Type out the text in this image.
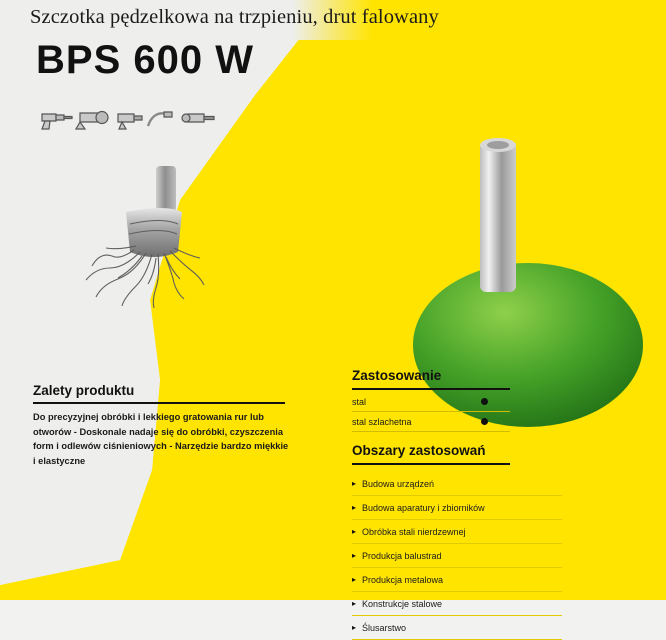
Szczotka pędzelkowa na trzpieniu, drut falowany
BPS 600 W
Zalety produktu
Do precyzyjnej obróbki i lekkiego gratowania rur lub otworów - Doskonale nadaje się do obróbki, czyszczenia form i odlewów ciśnieniowych - Narzędzie bardzo miękkie i elastyczne
Zastosowanie
stal
stal szlachetna
Obszary zastosowań
▸ Budowa urządzeń
▸ Budowa aparatury i zbiorników
▸ Obróbka stali nierdzewnej
▸ Produkcja balustrad
▸ Produkcja metalowa
▸ Konstrukcje stalowe
▸ Ślusarstwo
